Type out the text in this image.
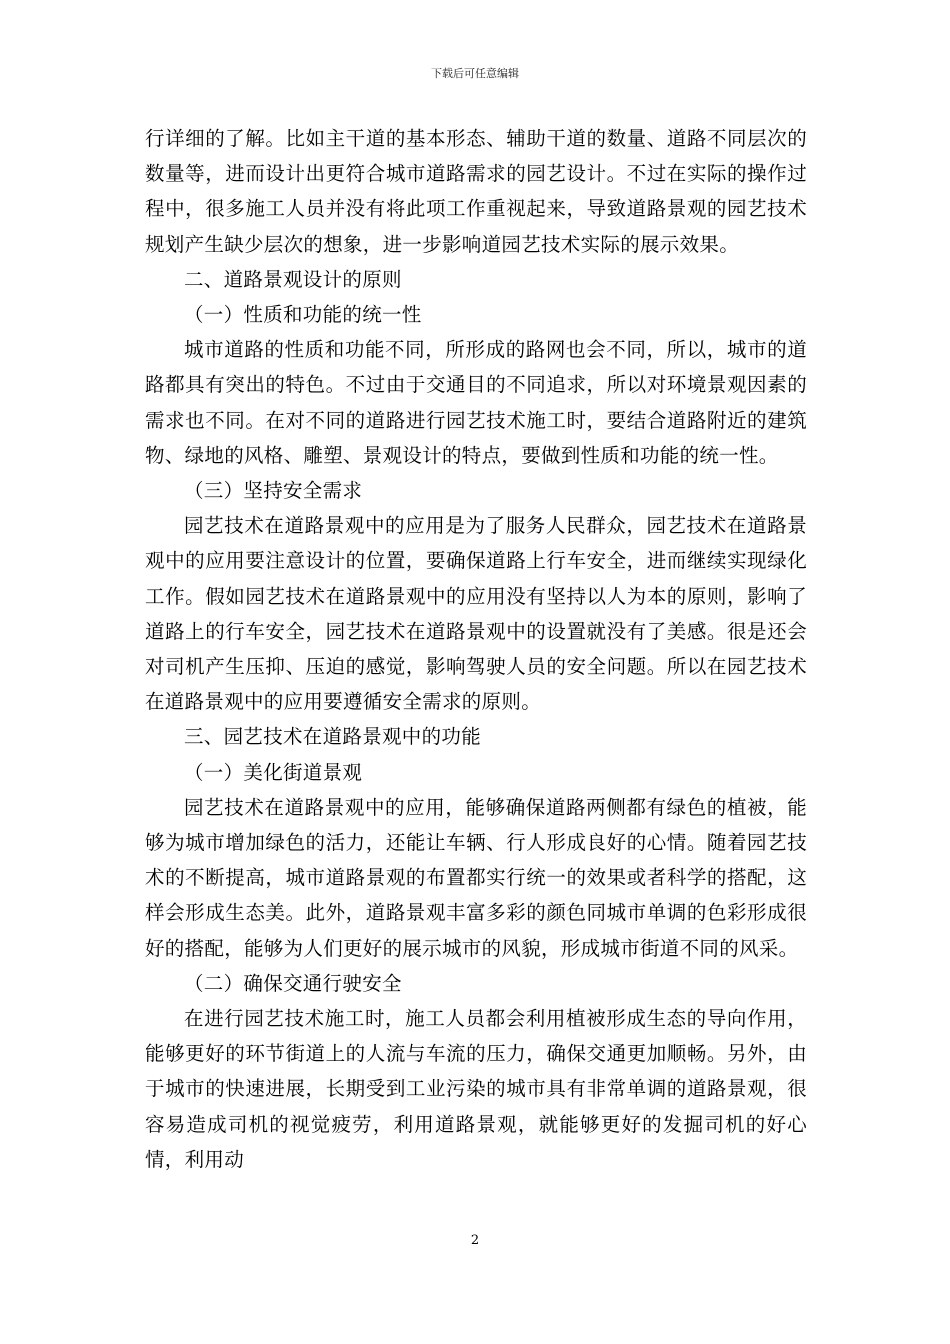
下载后可任意编辑

行详细的了解。比如主干道的基本形态、辅助干道的数量、道路不同层次的数量等，进而设计出更符合城市道路需求的园艺设计。不过在实际的操作过程中，很多施工人员并没有将此项工作重视起来，导致道路景观的园艺技术规划产生缺少层次的想象，进一步影响道园艺技术实际的展示效果。

二、道路景观设计的原则

（一）性质和功能的统一性

城市道路的性质和功能不同，所形成的路网也会不同，所以，城市的道路都具有突出的特色。不过由于交通目的不同追求，所以对环境景观因素的需求也不同。在对不同的道路进行园艺技术施工时，要结合道路附近的建筑物、绿地的风格、雕塑、景观设计的特点，要做到性质和功能的统一性。

（三）坚持安全需求

园艺技术在道路景观中的应用是为了服务人民群众，园艺技术在道路景观中的应用要注意设计的位置，要确保道路上行车安全，进而继续实现绿化工作。假如园艺技术在道路景观中的应用没有坚持以人为本的原则，影响了道路上的行车安全，园艺技术在道路景观中的设置就没有了美感。很是还会对司机产生压抑、压迫的感觉，影响驾驶人员的安全问题。所以在园艺技术在道路景观中的应用要遵循安全需求的原则。

三、园艺技术在道路景观中的功能

（一）美化街道景观

园艺技术在道路景观中的应用，能够确保道路两侧都有绿色的植被，能够为城市增加绿色的活力，还能让车辆、行人形成良好的心情。随着园艺技术的不断提高，城市道路景观的布置都实行统一的效果或者科学的搭配，这样会形成生态美。此外，道路景观丰富多彩的颜色同城市单调的色彩形成很好的搭配，能够为人们更好的展示城市的风貌，形成城市街道不同的风采。

（二）确保交通行驶安全

在进行园艺技术施工时，施工人员都会利用植被形成生态的导向作用，能够更好的环节街道上的人流与车流的压力，确保交通更加顺畅。另外，由于城市的快速进展，长期受到工业污染的城市具有非常单调的道路景观，很容易造成司机的视觉疲劳，利用道路景观，就能够更好的发掘司机的好心情，利用动

2
